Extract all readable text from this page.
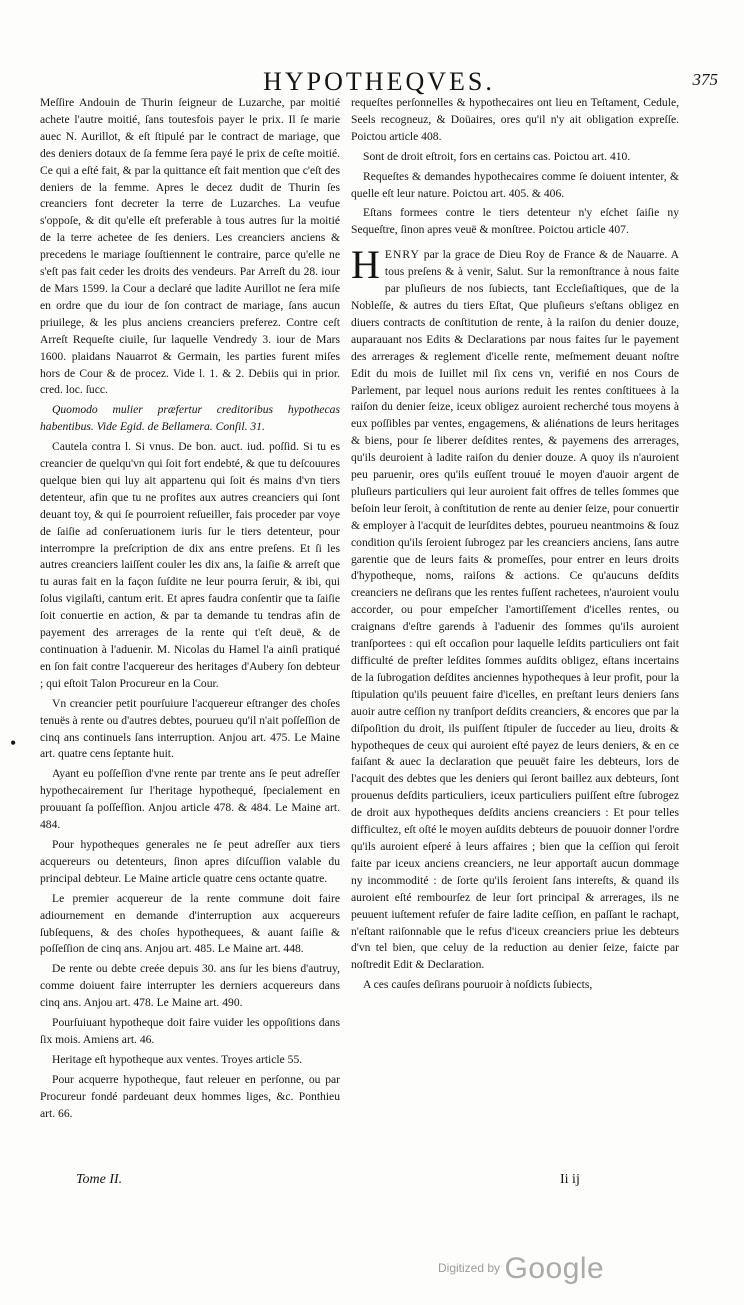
HYPOTHEQVES.	375
•

Meſſire Andouin de Thurin ſeigneur de Luzarche, par moitié achete l'autre moitié, ſans toutesfois payer le prix. Il ſe marie auec N. Aurillot, & eſt ſtipulé par le contract de mariage, que des deniers dotaux de ſa femme ſera payé le prix de ceſte moitié. Ce qui a eſté fait, & par la quittance eſt fait mention que c'eſt des deniers de la femme. Apres le decez dudit de Thurin ſes creanciers font decreter la terre de Luzarches. La veufue s'oppoſe, & dit qu'elle eſt preferable à tous autres ſur la moitié de la terre achetee de ſes deniers. Les creanciers anciens & precedens le mariage ſouſtiennent le contraire, parce qu'elle ne s'eſt pas fait ceder les droits des vendeurs. Par Arreſt du 28. iour de Mars 1599. la Cour a declaré que ladite Aurillot ne ſera miſe en ordre que du iour de ſon contract de mariage, ſans aucun priuilege, & les plus anciens creanciers preferez. Contre ceſt Arreſt Requeſte ciuile, ſur laquelle Vendredy 3. iour de Mars 1600. plaidans Nauarrot & Germain, les parties furent miſes hors de Cour & de procez. Vide l. 1. & 2. Debiis qui in prior. cred. loc. ſucc.

Quomodo mulier præfertur creditoribus hypothecas habentibus. Vide Egid. de Bellamera. Conſil. 31.

Cautela contra l. Si vnus. De bon. auct. iud. poſſid. Si tu es creancier de quelqu'vn qui ſoit fort endebté, & que tu deſcouures quelque bien qui luy ait appartenu qui ſoit és mains d'vn tiers detenteur, afin que tu ne profites aux autres creanciers qui ſont deuant toy, & qui ſe pourroient reſueiller, fais proceder par voye de ſaiſie ad conſeruationem iuris ſur le tiers detenteur, pour interrompre la preſcription de dix ans entre preſens. Et ſi les autres creanciers laiſſent couler les dix ans, la ſaiſie & arreſt que tu auras fait en la façon ſuſdite ne leur pourra ſeruir, & ibi, qui ſolus vigilaſti, cantum erit. Et apres faudra conſentir que ta ſaiſie ſoit conuertie en action, & par ta demande tu tendras afin de payement des arrerages de la rente qui t'eſt deuë, & de continuation à l'aduenir. M. Nicolas du Hamel l'a ainſi pratiqué en ſon fait contre l'acquereur des heritages d'Aubery ſon debteur ; qui eſtoit Talon Procureur en la Cour.

Vn creancier petit pourſuiure l'acquereur eſtranger des choſes tenuës à rente ou d'autres debtes, pourueu qu'il n'ait poſſeſſion de cinq ans continuels ſans interruption. Anjou art. 475. Le Maine art. quatre cens ſeptante huit.

Ayant eu poſſeſſion d'vne rente par trente ans ſe peut adreſſer hypothecairement ſur l'heritage hypothequé, ſpecialement en prouuant ſa poſſeſſion. Anjou article 478. & 484. Le Maine art. 484.

Pour hypotheques generales ne ſe peut adreſſer aux tiers acquereurs ou detenteurs, ſinon apres diſcuſſion valable du principal debteur. Le Maine article quatre cens octante quatre.

Le premier acquereur de la rente commune doit faire adiournement en demande d'interruption aux acquereurs ſubſequens, & des choſes hypothequees, & auant ſaiſie & poſſeſſion de cinq ans. Anjou art. 485. Le Maine art. 448.

De rente ou debte creée depuis 30. ans ſur les biens d'autruy, comme doiuent faire interrupter les derniers acquereurs dans cinq ans. Anjou art. 478. Le Maine art. 490.

Pourſuiuant hypotheque doit faire vuider les oppoſitions dans ſix mois. Amiens art. 46.

Heritage eſt hypotheque aux ventes. Troyes article 55.

Pour acquerre hypotheque, faut releuer en perſonne, ou par Procureur fondé pardeuant deux hommes liges, &c. Ponthieu art. 66.

requeſtes perſonnelles & hypothecaires ont lieu en Teſtament, Cedule, Seels recogneuz, & Doüaires, ores qu'il n'y ait obligation expreſſe. Poictou article 408.

Sont de droit eſtroit, fors en certains cas. Poictou art. 410.

Requeſtes & demandes hypothecaires comme ſe doiuent intenter, & quelle eſt leur nature. Poictou art. 405. & 406.

Eſtans formees contre le tiers detenteur n'y eſchet ſaiſie ny Sequeſtre, ſinon apres veuë & monſtree. Poictou article 407.

HENRY par la grace de Dieu Roy de France & de Nauarre. A tous preſens & à venir, Salut. Sur la remonſtrance à nous faite par pluſieurs de nos ſubiects, tant Eccleſiaſtiques, que de la Nobleſſe, & autres du tiers Eſtat, Que pluſieurs s'eſtans obligez en diuers contracts de conſtitution de rente, à la raiſon du denier douze, auparauant nos Edits & Declarations par nous faites ſur le payement des arrerages & reglement d'icelle rente, meſmement deuant noſtre Edit du mois de Iuillet mil ſix cens vn, verifié en nos Cours de Parlement, par lequel nous aurions reduit les rentes conſtituees à la raiſon du denier ſeize, iceux obligez auroient recherché tous moyens à eux poſſibles par ventes, engagemens, & aliénations de leurs heritages & biens, pour ſe liberer deſdites rentes, & payemens des arrerages, qu'ils deuroient à ladite raiſon du denier douze. A quoy ils n'auroient peu paruenir, ores qu'ils euſſent trouué le moyen d'auoir argent de pluſieurs particuliers qui leur auroient fait offres de telles ſommes que beſoin leur ſeroit, à conſtitution de rente au denier ſeize, pour conuertir & employer à l'acquit de leurſdites debtes, pourueu neantmoins & ſouz condition qu'ils ſeroient ſubrogez par les creanciers anciens, ſans autre garentie que de leurs faits & promeſſes, pour entrer en leurs droits d'hypotheque, noms, raiſons & actions. Ce qu'aucuns deſdits creanciers ne deſirans que les rentes fuſſent rachetees, n'auroient voulu accorder, ou pour empeſcher l'amortiſſement d'icelles rentes, ou craignans d'eſtre garends à l'aduenir des ſommes qu'ils auroient tranſportees : qui eſt occaſion pour laquelle leſdits particuliers ont fait difficulté de preſter leſdites ſommes auſdits obligez, eſtans incertains de la ſubrogation deſdites anciennes hypotheques à leur profit, pour la ſtipulation qu'ils peuuent faire d'icelles, en preſtant leurs deniers ſans auoir autre ceſſion ny tranſport deſdits creanciers, & encores que par la diſpoſition du droit, ils puiſſent ſtipuler de ſucceder au lieu, droits & hypotheques de ceux qui auroient eſté payez de leurs deniers, & en ce faiſant & auec la declaration que peuuët faire les debteurs, lors de l'acquit des debtes que les deniers qui ſeront baillez aux debteurs, ſont prouenus deſdits particuliers, iceux particuliers puiſſent eſtre ſubrogez de droit aux hypotheques deſdits anciens creanciers : Et pour telles difficultez, eſt oſté le moyen auſdits debteurs de pouuoir donner l'ordre qu'ils auroient eſperé à leurs affaires ; bien que la ceſſion qui ſeroit faite par iceux anciens creanciers, ne leur apportaſt aucun dommage ny incommodité : de ſorte qu'ils ſeroient ſans intereſts, & quand ils auroient eſté rembourſez de leur ſort principal & arrerages, ils ne peuuent iuſtement refuſer de faire ladite ceſſion, en paſſant le rachapt, n'eſtant raiſonnable que le refus d'iceux creanciers priue les debteurs d'vn tel bien, que celuy de la reduction au denier ſeize, faicte par noſtredit Edit & Declaration.

A ces cauſes deſirans pouruoir à noſdicts ſubiects,

Tome II.	Ii ij
$^{Digitized by}$ Google
